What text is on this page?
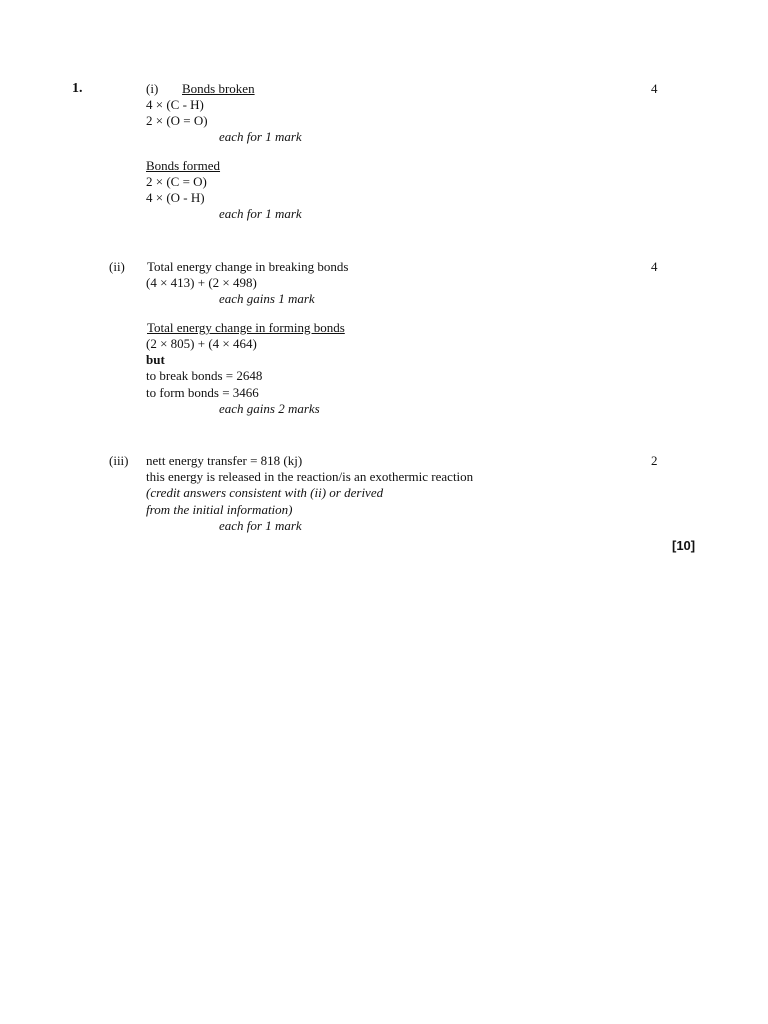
1.	(i) Bonds broken	4
4 × (C - H)
2 × (O = O)
each for 1 mark
Bonds formed
2 × (C = O)
4 × (O - H)
each for 1 mark
(ii) Total energy change in breaking bonds	4
(4 × 413) + (2 × 498)
each gains 1 mark
Total energy change in forming bonds
(2 × 805) + (4 × 464)
but
to break bonds = 2648
to form bonds = 3466
each gains 2 marks
(iii) nett energy transfer = 818 (kj)	2
this energy is released in the reaction/is an exothermic reaction
(credit answers consistent with (ii) or derived
from the initial information)
each for 1 mark
[10]
